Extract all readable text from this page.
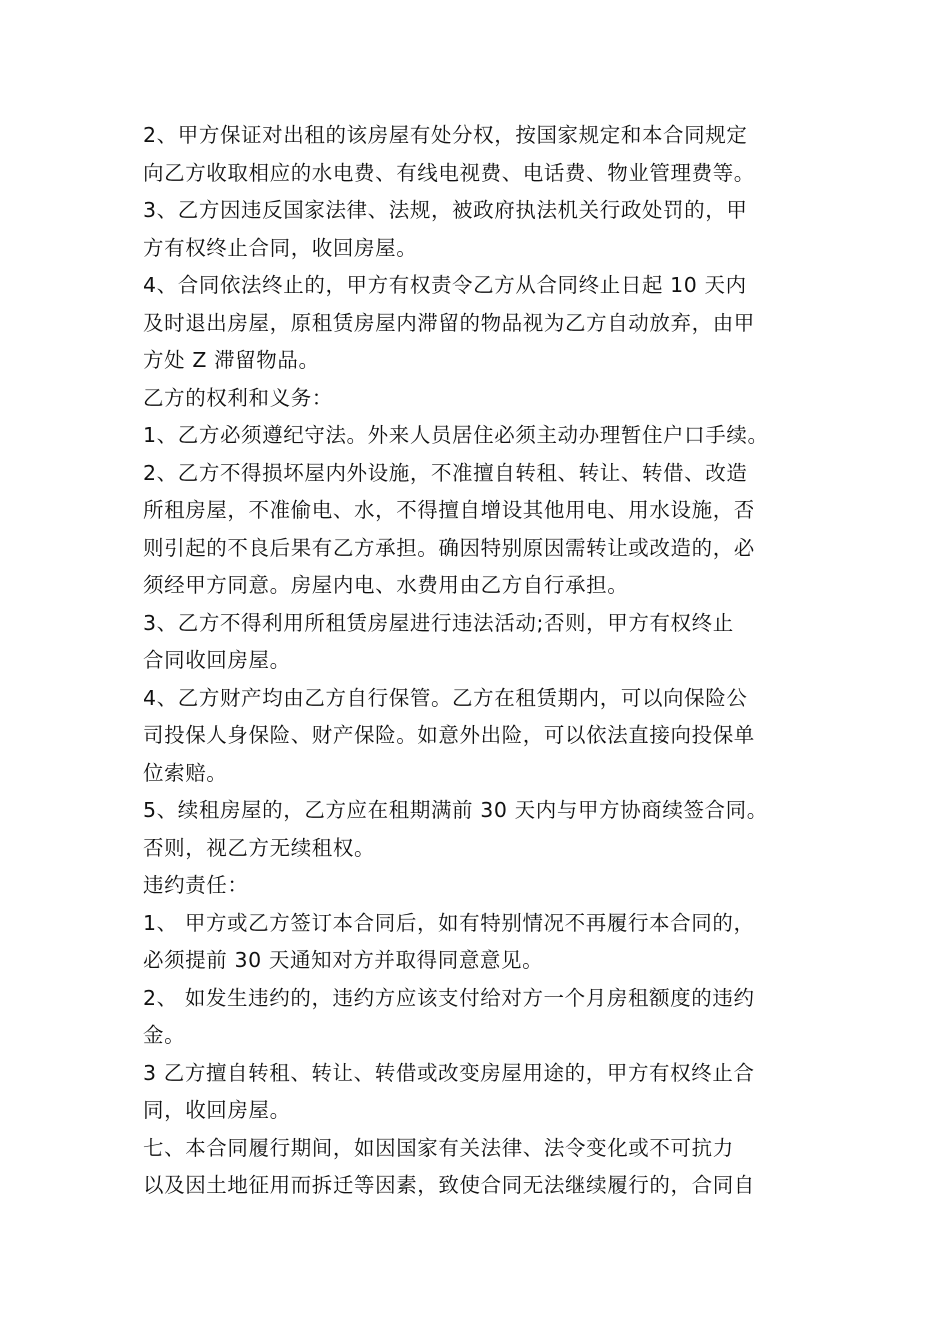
2、甲方保证对出租的该房屋有处分权，按国家规定和本合同规定
向乙方收取相应的水电费、有线电视费、电话费、物业管理费等。
3、乙方因违反国家法律、法规，被政府执法机关行政处罚的，甲
方有权终止合同，收回房屋。
4、合同依法终止的，甲方有权责令乙方从合同终止日起 10 天内
及时退出房屋，原租赁房屋内滞留的物品视为乙方自动放弃，由甲
方处 Z 滞留物品。
乙方的权利和义务：
1、乙方必须遵纪守法。外来人员居住必须主动办理暂住户口手续。
2、乙方不得损坏屋内外设施，不准擅自转租、转让、转借、改造
所租房屋，不准偷电、水，不得擅自增设其他用电、用水设施，否
则引起的不良后果有乙方承担。确因特别原因需转让或改造的，必
须经甲方同意。房屋内电、水费用由乙方自行承担。
3、乙方不得利用所租赁房屋进行违法活动;否则，甲方有权终止
合同收回房屋。
4、乙方财产均由乙方自行保管。乙方在租赁期内，可以向保险公
司投保人身保险、财产保险。如意外出险，可以依法直接向投保单
位索赔。
5、续租房屋的，乙方应在租期满前 30 天内与甲方协商续签合同。
否则，视乙方无续租权。
违约责任：
1、 甲方或乙方签订本合同后，如有特别情况不再履行本合同的，
必须提前 30 天通知对方并取得同意意见。
2、 如发生违约的，违约方应该支付给对方一个月房租额度的违约
金。
3 乙方擅自转租、转让、转借或改变房屋用途的，甲方有权终止合
同，收回房屋。
七、本合同履行期间，如因国家有关法律、法令变化或不可抗力
以及因土地征用而拆迁等因素，致使合同无法继续履行的，合同自
